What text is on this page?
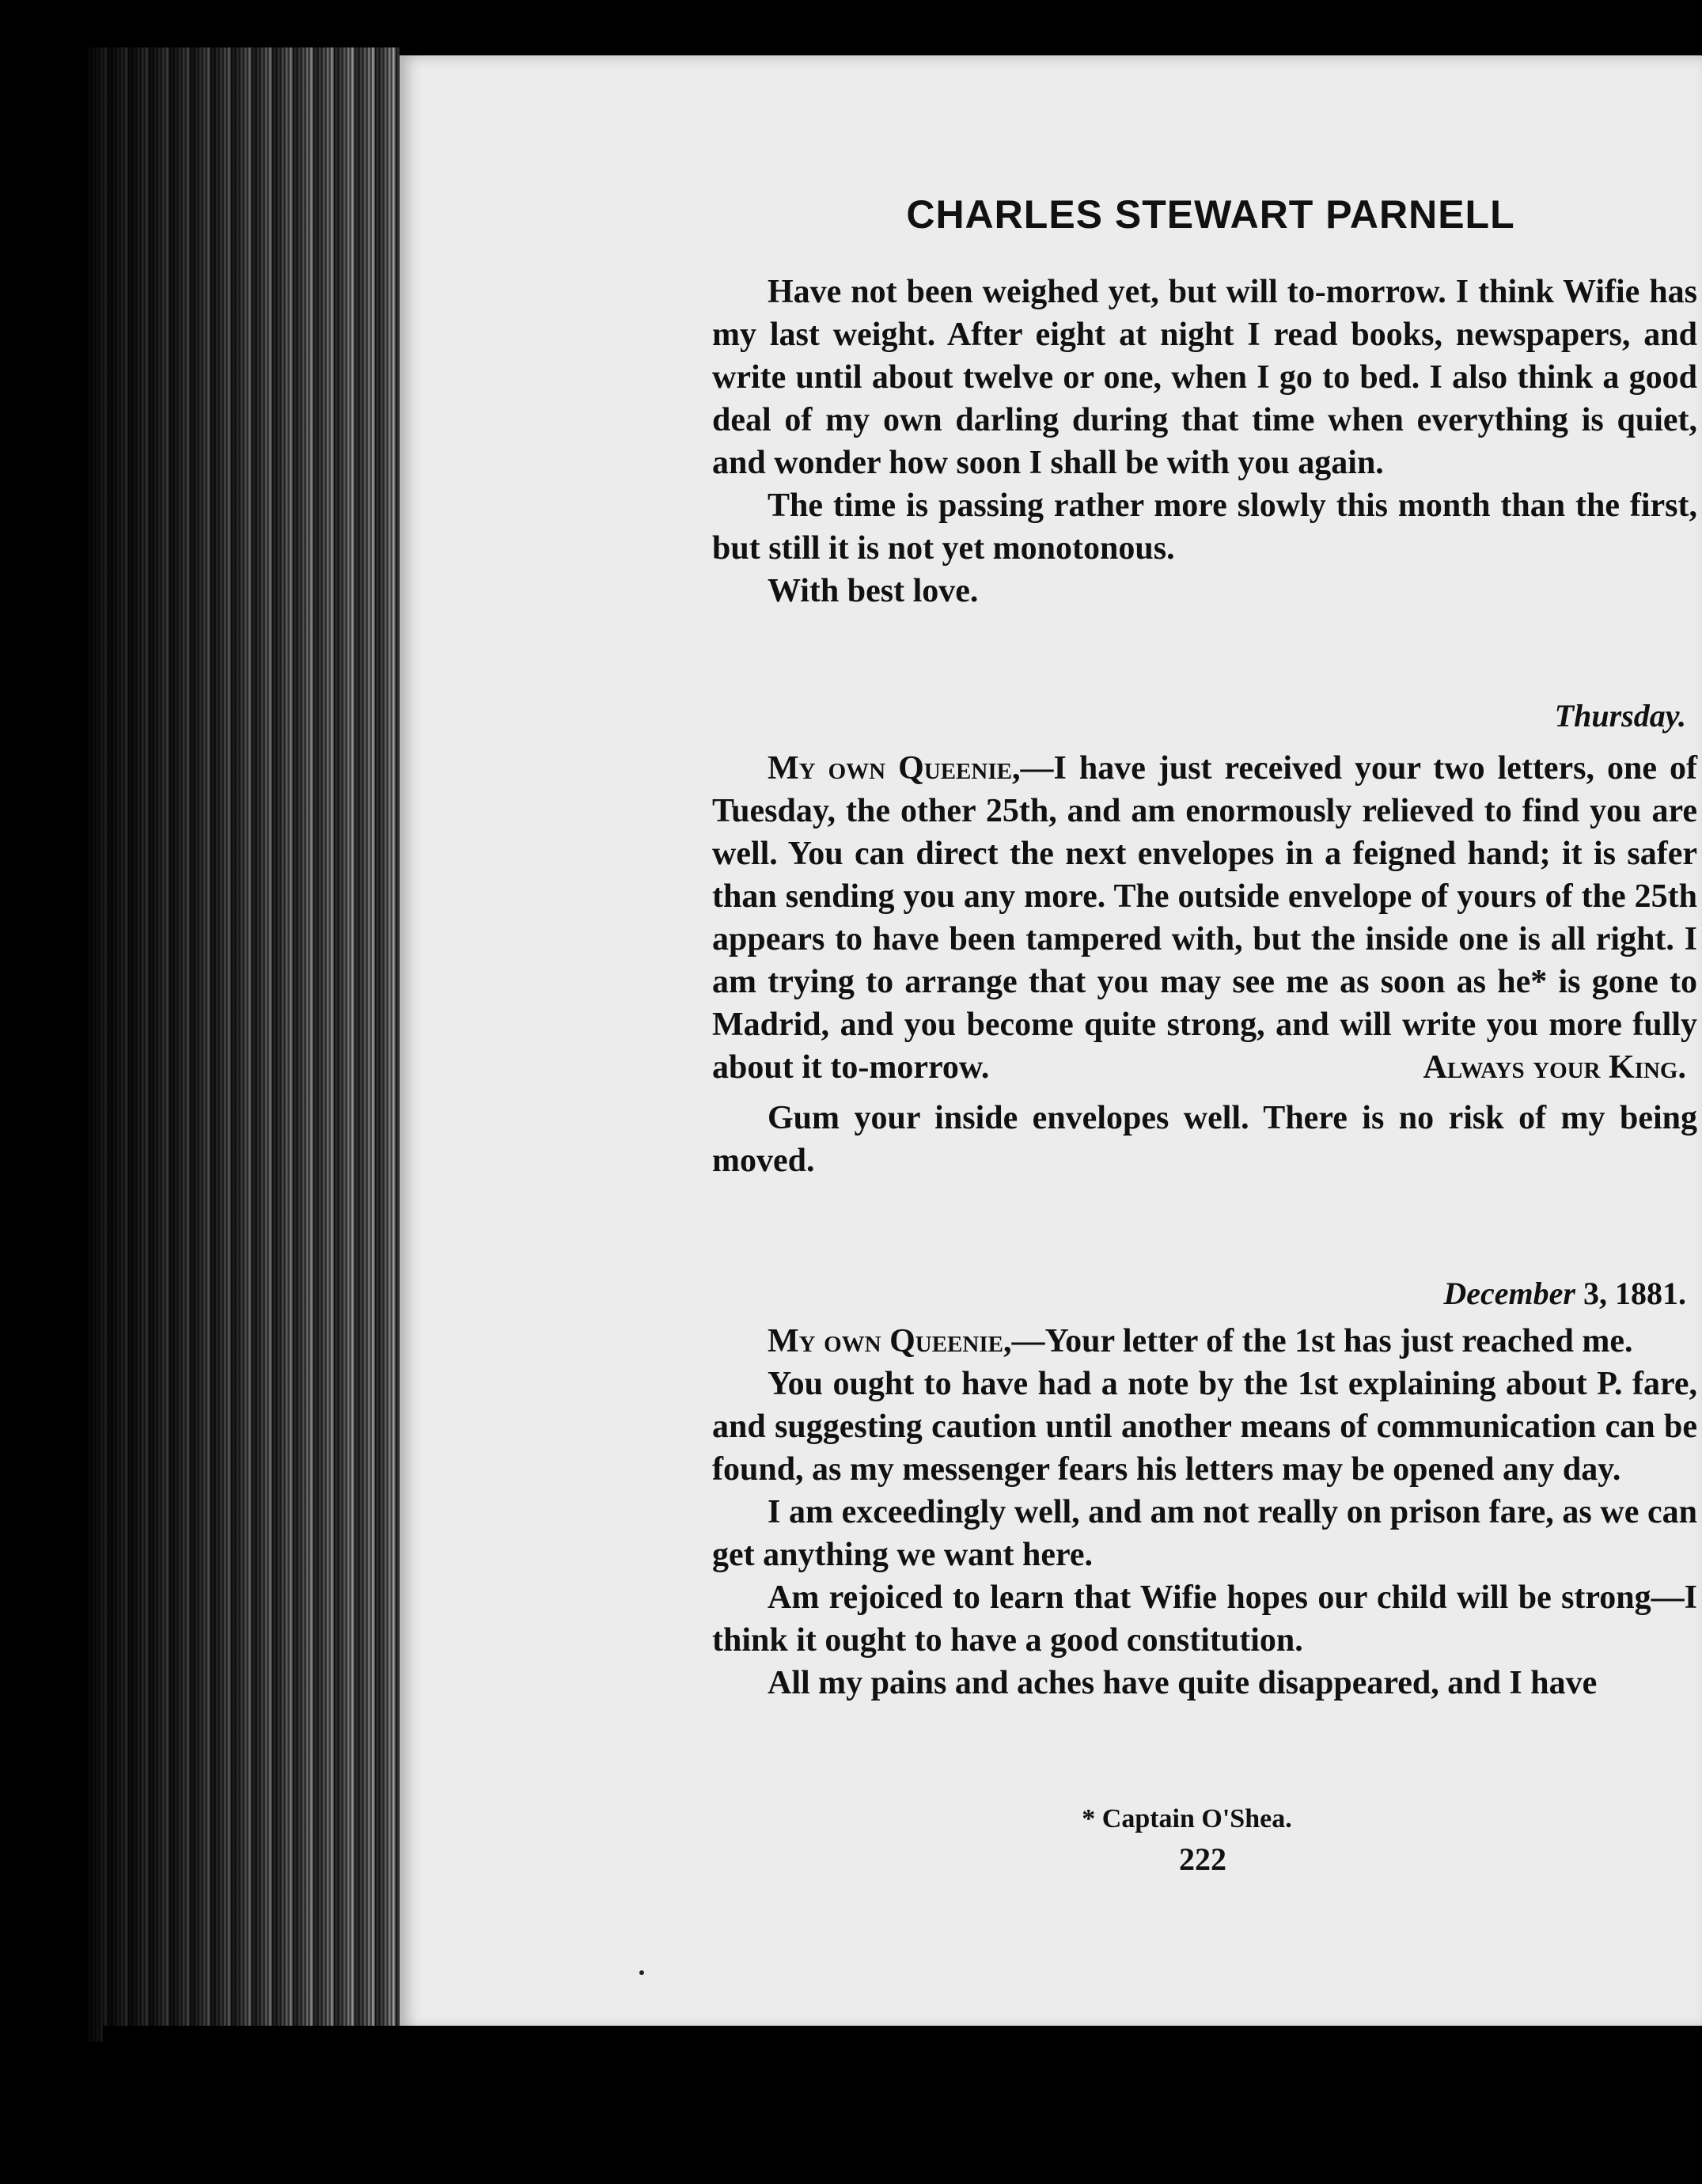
CHARLES STEWART PARNELL

Have not been weighed yet, but will to-morrow. I think Wifie has my last weight. After eight at night I read books, newspapers, and write until about twelve or one, when I go to bed. I also think a good deal of my own darling during that time when everything is quiet, and wonder how soon I shall be with you again.

The time is passing rather more slowly this month than the first, but still it is not yet monotonous.

With best love.

Thursday.

My own Queenie,—I have just received your two letters, one of Tuesday, the other 25th, and am enormously relieved to find you are well. You can direct the next envelopes in a feigned hand; it is safer than sending you any more. The outside envelope of yours of the 25th appears to have been tampered with, but the inside one is all right. I am trying to arrange that you may see me as soon as he* is gone to Madrid, and you become quite strong, and will write you more fully about it to-morrow.	Always your King.

Gum your inside envelopes well. There is no risk of my being moved.

December 3, 1881.

My own Queenie,—Your letter of the 1st has just reached me.

You ought to have had a note by the 1st explaining about P. fare, and suggesting caution until another means of communication can be found, as my messenger fears his letters may be opened any day.

I am exceedingly well, and am not really on prison fare, as we can get anything we want here.

Am rejoiced to learn that Wifie hopes our child will be strong—I think it ought to have a good constitution.

All my pains and aches have quite disappeared, and I have

* Captain O'Shea.
222
